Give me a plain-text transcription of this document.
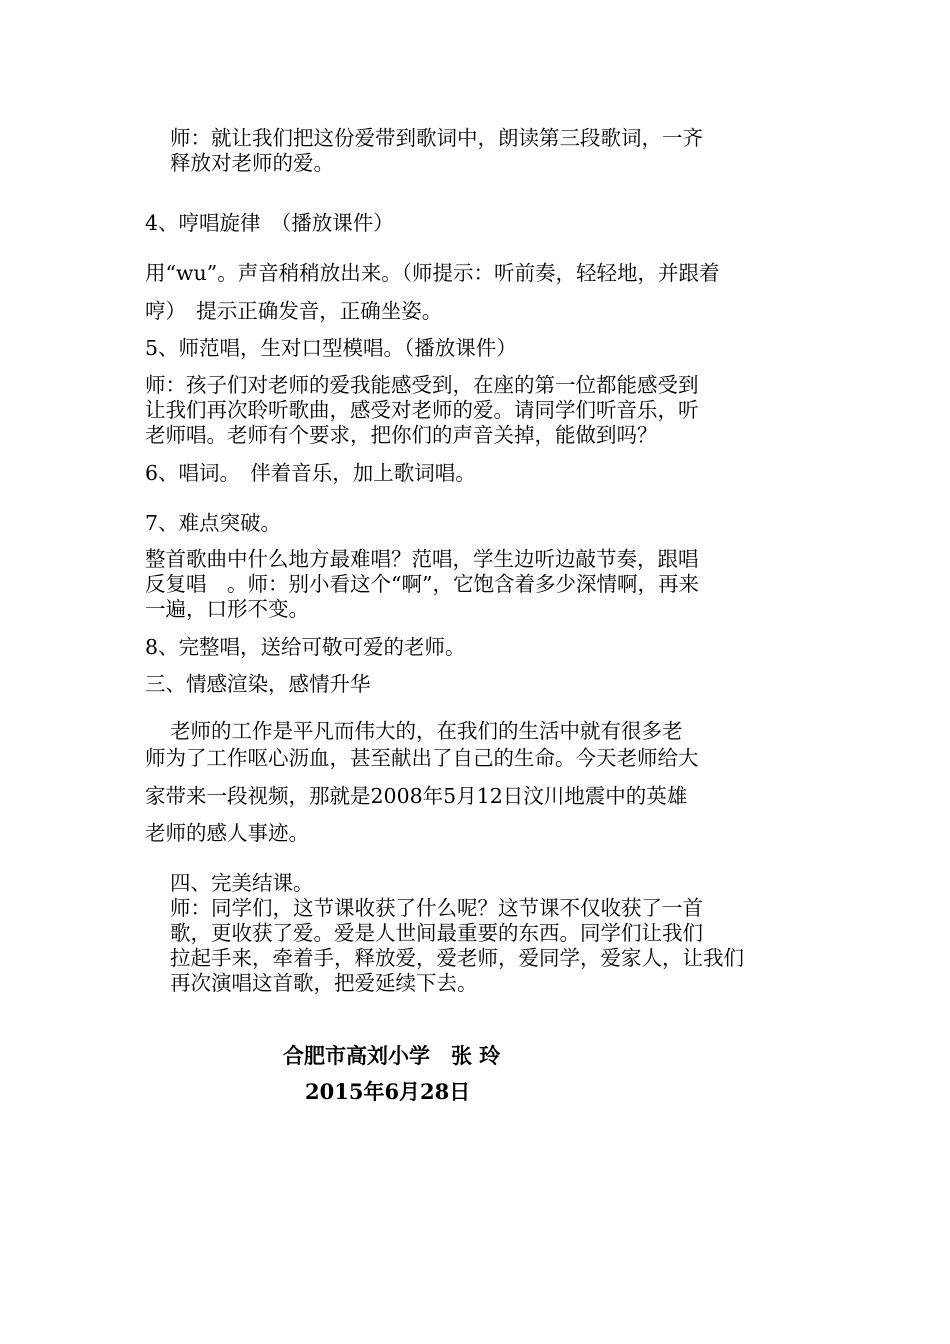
师：就让我们把这份爱带到歌词中，朗读第三段歌词，一齐
释放对老师的爱。
4、哼唱旋律　（播放课件）
用“wu”。声音稍稍放出来。（师提示：听前奏，轻轻地，并跟着
哼）　提示正确发音，正确坐姿。
5、师范唱，生对口型模唱。（播放课件）
师：孩子们对老师的爱我能感受到，在座的第一位都能感受到
让我们再次聆听歌曲，感受对老师的爱。请同学们听音乐，听
老师唱。老师有个要求，把你们的声音关掉，能做到吗？
6、唱词。　伴着音乐，加上歌词唱。
7、难点突破。
整首歌曲中什么地方最难唱？范唱，学生边听边敲节奏，跟唱
反复唱　。师：别小看这个“啊”，它饱含着多少深情啊，再来
一遍，口形不变。
8、完整唱，送给可敬可爱的老师。
三、情感渲染，感情升华
老师的工作是平凡而伟大的，在我们的生活中就有很多老
师为了工作呕心沥血，甚至献出了自己的生命。今天老师给大
家带来一段视频，那就是2008年5月12日汶川地震中的英雄
老师的感人事迹。
四、完美结课。
师：同学们，这节课收获了什么呢？这节课不仅收获了一首
歌，更收获了爱。爱是人世间最重要的东西。同学们让我们
拉起手来，牵着手，释放爱，爱老师，爱同学，爱家人，让我们
再次演唱这首歌，把爱延续下去。
合肥市高刘小学　张 玲
2015年6月28日
